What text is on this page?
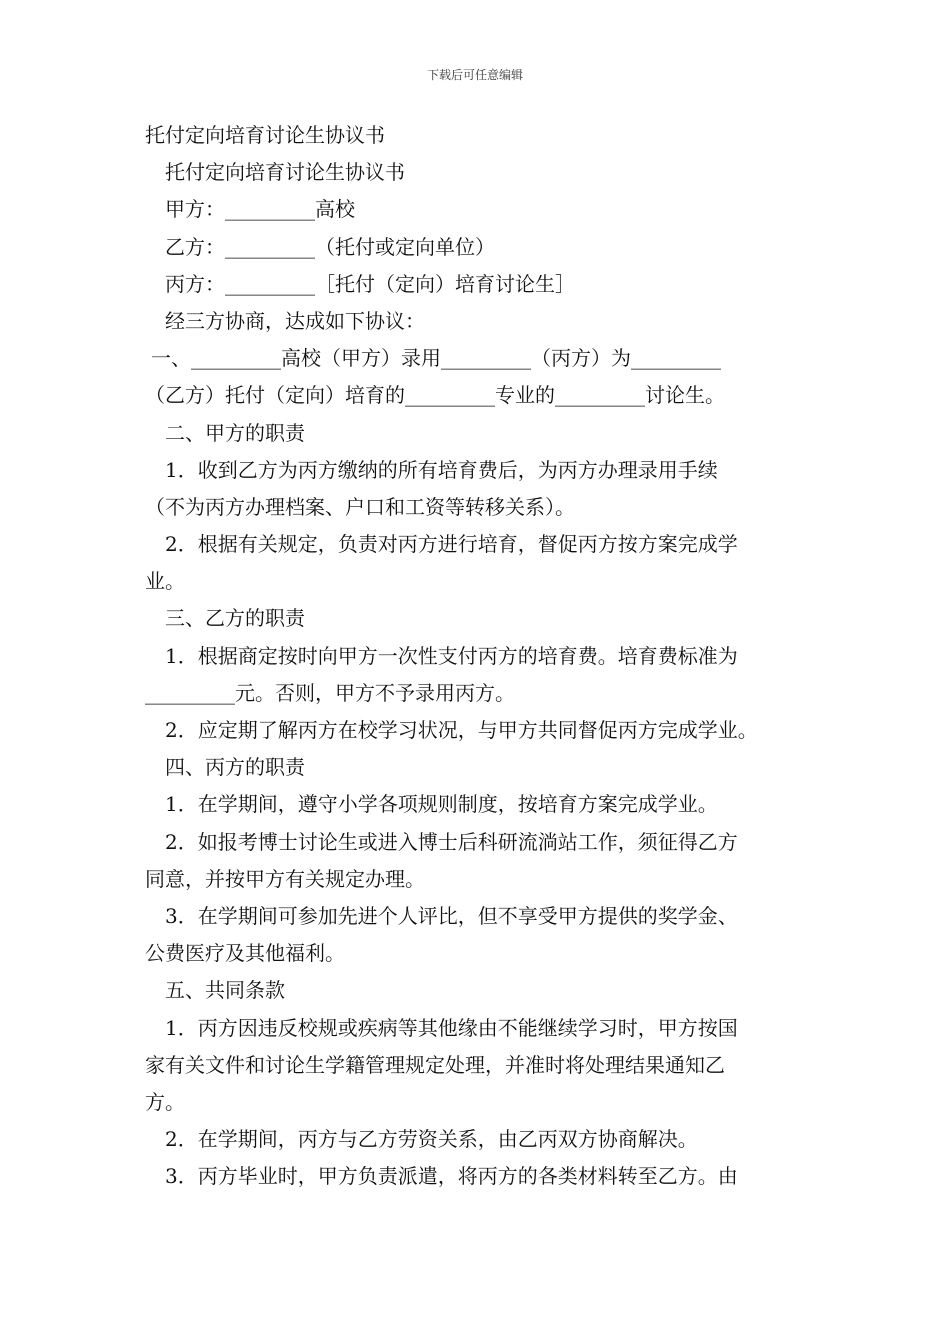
下载后可任意编辑
托付定向培育讨论生协议书
托付定向培育讨论生协议书
甲方：_________高校
乙方：_________（托付或定向单位）
丙方：_________［托付（定向）培育讨论生］
经三方协商，达成如下协议：
一、_________高校（甲方）录用_________（丙方）为_________
（乙方）托付（定向）培育的_________专业的_________讨论生。
二、甲方的职责
1．收到乙方为丙方缴纳的所有培育费后，为丙方办理录用手续
（不为丙方办理档案、户口和工资等转移关系）。
2．根据有关规定，负责对丙方进行培育，督促丙方按方案完成学
业。
三、乙方的职责
1．根据商定按时向甲方一次性支付丙方的培育费。培育费标准为
_________元。否则，甲方不予录用丙方。
2．应定期了解丙方在校学习状况，与甲方共同督促丙方完成学业。
四、丙方的职责
1．在学期间，遵守小学各项规则制度，按培育方案完成学业。
2．如报考博士讨论生或进入博士后科研流淌站工作，须征得乙方
同意，并按甲方有关规定办理。
3．在学期间可参加先进个人评比，但不享受甲方提供的奖学金、
公费医疗及其他福利。
五、共同条款
1．丙方因违反校规或疾病等其他缘由不能继续学习时，甲方按国
家有关文件和讨论生学籍管理规定处理，并准时将处理结果通知乙
方。
2．在学期间，丙方与乙方劳资关系，由乙丙双方协商解决。
3．丙方毕业时，甲方负责派遣，将丙方的各类材料转至乙方。由
